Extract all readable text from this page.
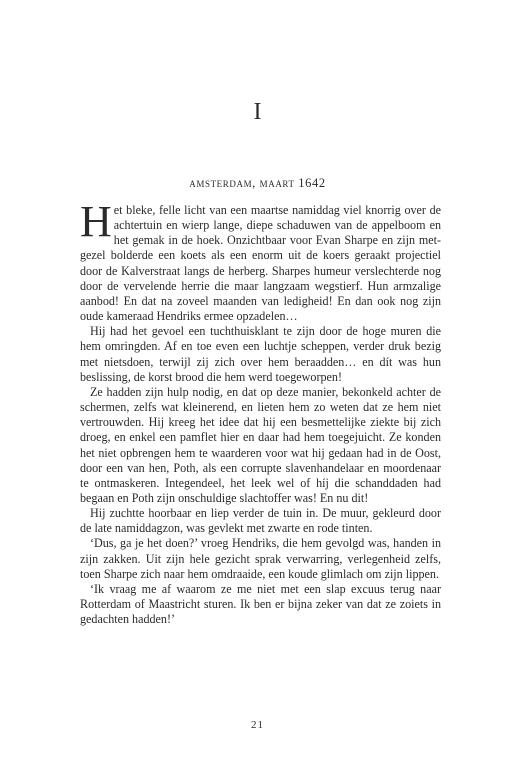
I
amsterdam, maart 1642

Het bleke, felle licht van een maartse namiddag viel knorrig over de achtertuin en wierp lange, diepe schaduwen van de appelboom en het gemak in de hoek. Onzichtbaar voor Evan Sharpe en zijn metgezel bolderde een koets als een enorm uit de koers geraakt projectiel door de Kalverstraat langs de herberg. Sharpes humeur verslechterde nog door de vervelende herrie die maar langzaam wegstierf. Hun armzalige aanbod! En dat na zoveel maanden van ledigheid! En dan ook nog zijn oude kameraad Hendriks ermee opzadelen…

Hij had het gevoel een tuchthuisklant te zijn door de hoge muren die hem omringden. Af en toe even een luchtje scheppen, verder druk bezig met nietsdoen, terwijl zij zich over hem beraadden… en dít was hun beslissing, de korst brood die hem werd toegeworpen!

Ze hadden zijn hulp nodig, en dat op deze manier, bekonkeld achter de schermen, zelfs wat kleinerend, en lieten hem zo weten dat ze hem niet vertrouwden. Hij kreeg het idee dat hij een besmettelijke ziekte bij zich droeg, en enkel een pamflet hier en daar had hem toegejuicht. Ze konden het niet opbrengen hem te waarderen voor wat hij gedaan had in de Oost, door een van hen, Poth, als een corrupte slavenhandelaar en moordenaar te ontmaskeren. Integendeel, het leek wel of híj die schanddaden had begaan en Poth zijn onschuldige slachtoffer was! En nu dit!

Hij zuchtte hoorbaar en liep verder de tuin in. De muur, gekleurd door de late namiddagzon, was gevlekt met zwarte en rode tinten.

‘Dus, ga je het doen?’ vroeg Hendriks, die hem gevolgd was, handen in zijn zakken. Uit zijn hele gezicht sprak verwarring, verlegenheid zelfs, toen Sharpe zich naar hem omdraaide, een koude glimlach om zijn lippen.

‘Ik vraag me af waarom ze me niet met een slap excuus terug naar Rotterdam of Maastricht sturen. Ik ben er bijna zeker van dat ze zoiets in gedachten hadden!’

21
